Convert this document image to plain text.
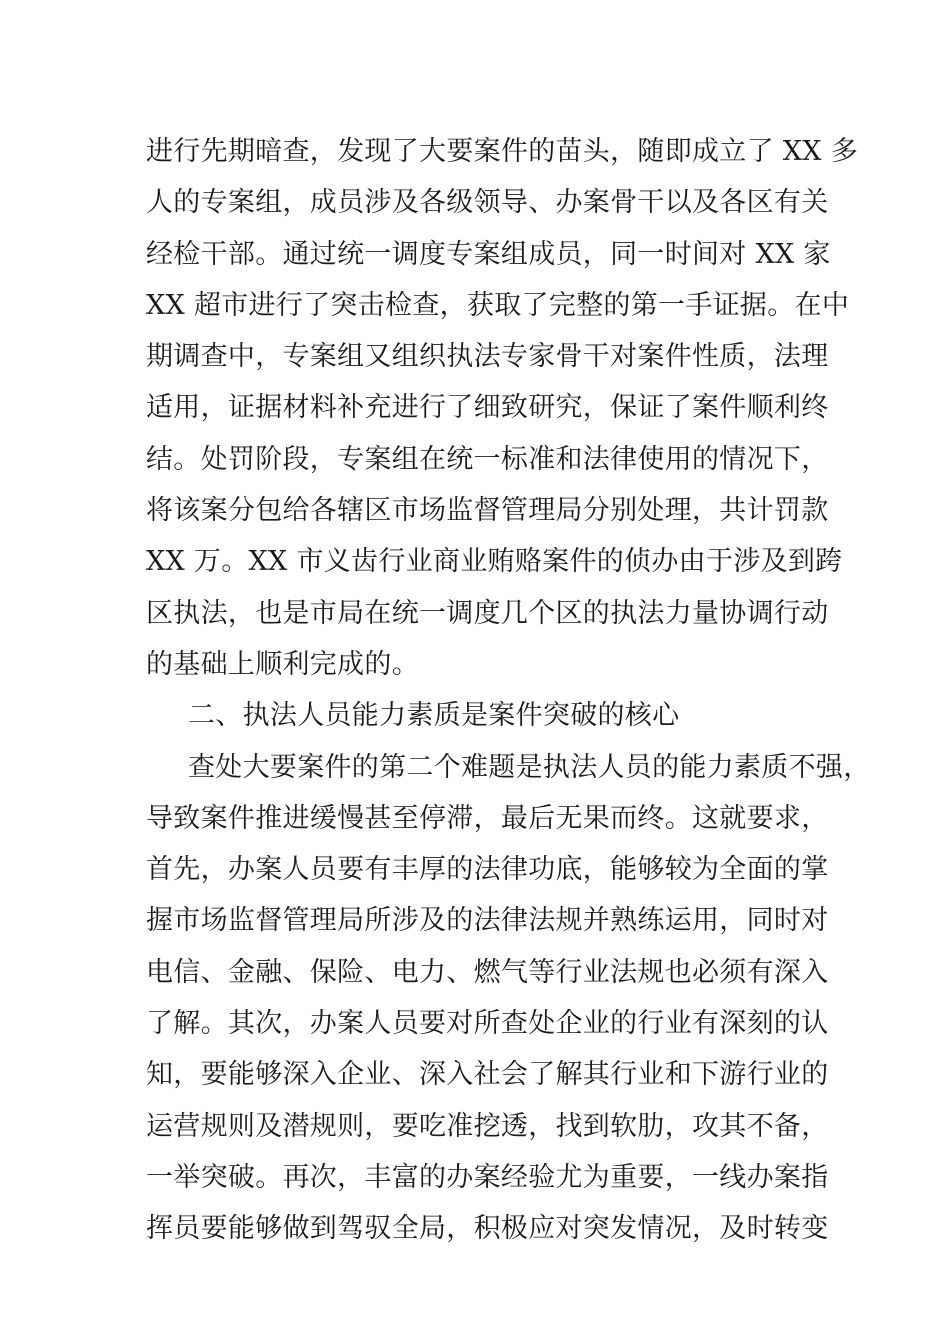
进行先期暗查，发现了大要案件的苗头，随即成立了 XX 多
人的专案组，成员涉及各级领导、办案骨干以及各区有关
经检干部。通过统一调度专案组成员，同一时间对 XX 家
XX 超市进行了突击检查，获取了完整的第一手证据。在中
期调查中，专案组又组织执法专家骨干对案件性质，法理
适用，证据材料补充进行了细致研究，保证了案件顺利终
结。处罚阶段，专案组在统一标准和法律使用的情况下，
将该案分包给各辖区市场监督管理局分别处理，共计罚款
XX 万。XX 市义齿行业商业贿赂案件的侦办由于涉及到跨
区执法，也是市局在统一调度几个区的执法力量协调行动
的基础上顺利完成的。
二、执法人员能力素质是案件突破的核心
查处大要案件的第二个难题是执法人员的能力素质不强，
导致案件推进缓慢甚至停滞，最后无果而终。这就要求，
首先，办案人员要有丰厚的法律功底，能够较为全面的掌
握市场监督管理局所涉及的法律法规并熟练运用，同时对
电信、金融、保险、电力、燃气等行业法规也必须有深入
了解。其次，办案人员要对所查处企业的行业有深刻的认
知，要能够深入企业、深入社会了解其行业和下游行业的
运营规则及潜规则，要吃准挖透，找到软肋，攻其不备，
一举突破。再次，丰富的办案经验尤为重要，一线办案指
挥员要能够做到驾驭全局，积极应对突发情况，及时转变
